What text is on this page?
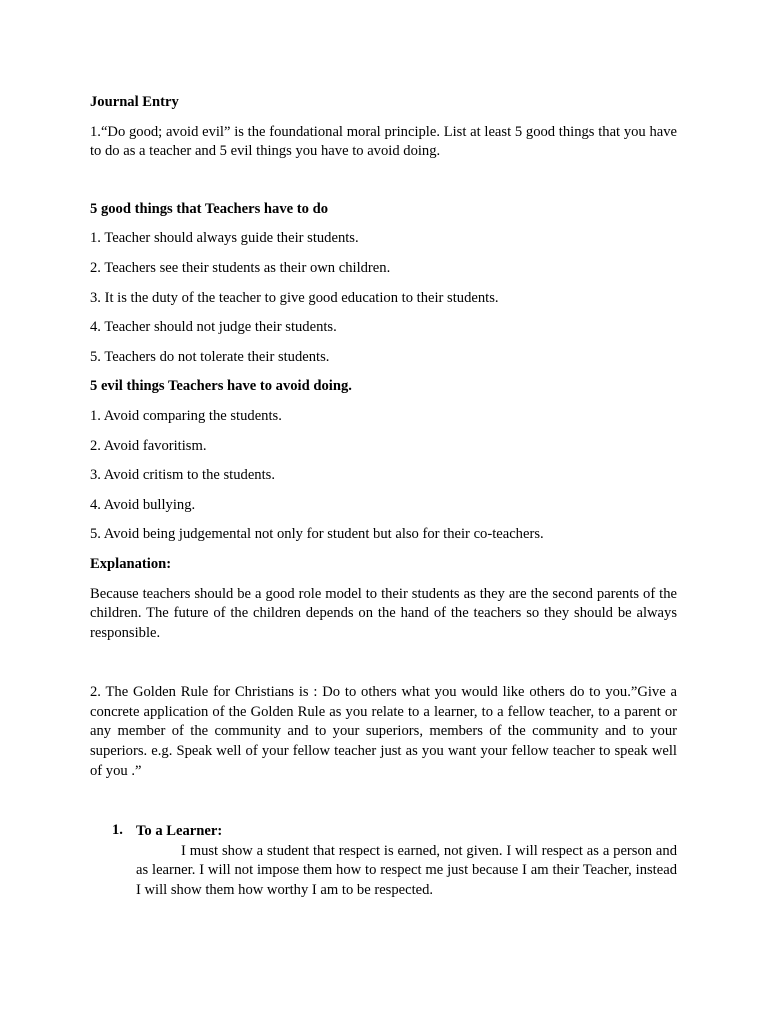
Journal Entry

1.“Do good; avoid evil” is the foundational moral principle. List at least 5 good things that you have to do as a teacher and 5 evil things you have to avoid doing.

5 good things that Teachers have to do

1. Teacher should always guide their students.

2. Teachers see their students as their own children.

3. It is the duty of the teacher to give good education to their students.

4. Teacher should not judge their students.

5. Teachers do not tolerate their students.

5 evil things Teachers have to avoid doing.

1. Avoid comparing the students.

2. Avoid favoritism.

3. Avoid critism to the students.

4. Avoid bullying.

5. Avoid being judgemental not only for student but also for their co-teachers.

Explanation:

Because teachers should be a good role model to their students as they are the second parents of the children. The future of the children depends on the hand of the teachers so they should be always responsible.

2. The Golden Rule for Christians is : Do to others what you would like others do to you.”Give a concrete application of the Golden Rule as you relate to a learner, to a fellow teacher, to a parent or any member of the community and to your superiors, members of the community and to your superiors. e.g. Speak well of your fellow teacher just as you want your fellow teacher to speak well of you .”

1. To a Learner:

I must show a student that respect is earned, not given. I will respect as a person and as learner. I will not impose them how to respect me just because I am their Teacher, instead I will show them how worthy I am to be respected.
